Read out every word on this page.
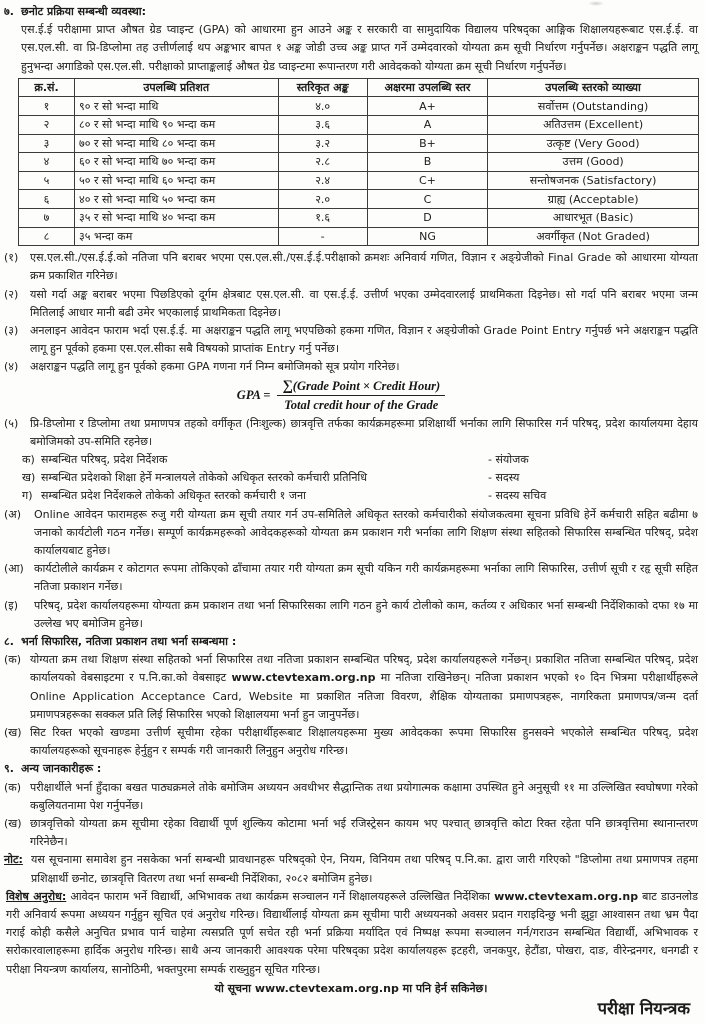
७. छनोट प्रक्रिया सम्बन्धी व्यवस्था:
एस.ई.ई परीक्षामा प्राप्त औषत ग्रेड प्वाइन्ट (GPA) को आधारमा हुन आउने अङ्क र सरकारी वा सामुदायिक विद्यालय परिषद्का आङ्गिक शिक्षालयहरूबाट एस.ई.ई. वा एस.एल.सी. वा प्रि-डिप्लोमा तह उत्तीर्णलाई थप अङ्कभार बापत १ अङ्क जोडी उच्च अङ्क प्राप्त गर्ने उम्मेदवारको योग्यता क्रम सूची निर्धारण गर्नुपर्नेछ। अक्षराङ्कन पद्धति लागू हुनुभन्दा अगाडिको एस.एल.सी. परीक्षाको प्राप्ताङ्कलाई औषत ग्रेड प्वाइन्टमा रूपान्तरण गरी आवेदकको योग्यता क्रम सूची निर्धारण गर्नुपर्नेछ।
क्र.सं.	उपलब्धि प्रतिशत	स्तरिकृत अङ्क	अक्षरमा उपलब्धि स्तर	उपलब्धि स्तरको व्याख्या
१	९० र सो भन्दा माथि	४.०	A+	सर्वोत्तम (Outstanding)
२	८० र सो भन्दा माथि ९० भन्दा कम	३.६	A	अतिउत्तम (Excellent)
३	७० र सो भन्दा माथि ८० भन्दा कम	३.२	B+	उत्कृष्ट (Very Good)
४	६० र सो भन्दा माथि ७० भन्दा कम	२.८	B	उत्तम (Good)
५	५० र सो भन्दा माथि ६० भन्दा कम	२.४	C+	सन्तोषजनक (Satisfactory)
६	४० र सो भन्दा माथि ५० भन्दा कम	२.०	C	ग्राह्य (Acceptable)
७	३५ र सो भन्दा माथि ४० भन्दा कम	१.६	D	आधारभूत (Basic)
८	३५ भन्दा कम	-	NG	अवर्गीकृत (Not Graded)
(१)	एस.एल.सी./एस.ई.ई.को नतिजा पनि बराबर भएमा एस.एल.सी./एस.ई.ई.परीक्षाको क्रमशः अनिवार्य गणित, विज्ञान र अङ्ग्रेजीको Final Grade को आधारमा योग्यता क्रम प्रकाशित गरिनेछ।
(२)	यसो गर्दा अङ्क बराबर भएमा पिछडिएको दूर्गम क्षेत्रबाट एस.एल.सी. वा एस.ई.ई. उत्तीर्ण भएका उम्मेदवारलाई प्राथमिकता दिइनेछ। सो गर्दा पनि बराबर भएमा जन्म मितिलाई आधार मानी बढी उमेर भएकालाई प्राथमिकता दिइनेछ।
(३)	अनलाइन आवेदन फाराम भर्दा एस.ई.ई. मा अक्षराङ्कन पद्धति लागू भएपछिको हकमा गणित, विज्ञान र अङ्ग्रेजीको Grade Point Entry गर्नुपर्छ भने अक्षराङ्कन पद्धति लागू हुन पूर्वको हकमा एस.एल.सीका सबै विषयको प्राप्तांक Entry गर्नु पर्नेछ।
(४)	अक्षराङ्कन पद्धति लागू हुन पूर्वको हकमा GPA गणना गर्न निम्न बमोजिमको सूत्र प्रयोग गरिनेछ।
GPA = $\frac{\text{∑(Grade Point × Credit Hour)}}{\text{Total credit hour of the Grade}}$
(५)	प्रि-डिप्लोमा र डिप्लोमा तथा प्रमाणपत्र तहको वर्गीकृत (निःशुल्क) छात्रवृत्ति तर्फका कार्यक्रमहरूमा प्रशिक्षार्थी भर्नाका लागि सिफारिस गर्न परिषद्, प्रदेश कार्यालयमा देहाय बमोजिमको उप-समिति रहनेछ।
क) सम्बन्धित परिषद्, प्रदेश निर्देशक	- संयोजक
ख) सम्बन्धित प्रदेशको शिक्षा हेर्ने मन्त्रालयले तोकेको अधिकृत स्तरको कर्मचारी प्रतिनिधि	- सदस्य
ग) सम्बन्धित प्रदेश निर्देशकले तोकेको अधिकृत स्तरको कर्मचारी १ जना	- सदस्य सचिव
(अ)	Online आवेदन फारामहरू रुजु गरी योग्यता क्रम सूची तयार गर्न उप-समितिले अधिकृत स्तरको कर्मचारीको संयोजकत्वमा सूचना प्रविधि हेर्ने कर्मचारी सहित बढीमा ७ जनाको कार्यटोली गठन गर्नेछ। सम्पूर्ण कार्यक्रमहरूको आवेदकहरूको योग्यता क्रम प्रकाशन गरी भर्नाका लागि शिक्षण संस्था सहितको सिफारिस सम्बन्धित परिषद्, प्रदेश कार्यालयबाट हुनेछ।
(आ) कार्यटोलीले कार्यक्रम र कोटागत रूपमा तोकिएको ढाँचामा तयार गरी योग्यता क्रम सूची यकिन गरी कार्यक्रमहरूमा भर्नाका लागि सिफारिस, उत्तीर्ण सूची र रहृ सूची सहित नतिजा प्रकाशन गर्नेछ।
(इ)	परिषद्, प्रदेश कार्यालयहरूमा योग्यता क्रम प्रकाशन तथा भर्ना सिफारिसका लागि गठन हुने कार्य टोलीको काम, कर्तव्य र अधिकार भर्ना सम्बन्धी निर्देशिकाको दफा १७ मा उल्लेख भए बमोजिम हुनेछ।
८. भर्ना सिफारिस, नतिजा प्रकाशन तथा भर्ना सम्बन्धमा :
(क) योग्यता क्रम तथा शिक्षण संस्था सहितको भर्ना सिफारिस तथा नतिजा प्रकाशन सम्बन्धित परिषद्, प्रदेश कार्यालयहरूले गर्नेछन्। प्रकाशित नतिजा सम्बन्धित परिषद्, प्रदेश कार्यालयको वेबसाइटमा र प.नि.का.को वेबसाइट www.ctevtexam.org.np मा नतिजा राखिनेछन्। नतिजा प्रकाशन भएको १० दिन भित्रमा परीक्षार्थीहरूले Online Application Acceptance Card, Website मा प्रकाशित नतिजा विवरण, शैक्षिक योग्यताका प्रमाणपत्रहरू, नागरिकता प्रमाणपत्र/जन्म दर्ता प्रमाणपत्रहरूका सक्कल प्रति लिई सिफारिस भएको शिक्षालयमा भर्ना हुन जानुपर्नेछ।
(ख) सिट रिक्त भएको खण्डमा उत्तीर्ण सूचीमा रहेका परीक्षार्थीहरूबाट शिक्षालयहरूमा मुख्य आवेदकका रूपमा सिफारिस हुनसक्ने भएकोले सम्बन्धित परिषद्, प्रदेश कार्यालयहरूको सूचनाहरू हेर्नुहुन र सम्पर्क गरी जानकारी लिनुहुन अनुरोध गरिन्छ।
९. अन्य जानकारीहरू :
(क) परीक्षार्थीले भर्ना हुँदाका बखत पाठ्यक्रमले तोके बमोजिम अध्ययन अवधीभर सैद्धान्तिक तथा प्रयोगात्मक कक्षामा उपस्थित हुने अनुसूची ११ मा उल्लिखित स्वघोषणा गरेको कबुलियतनामा पेश गर्नुपर्नेछ।
(ख) छात्रवृत्तिको योग्यता क्रम सूचीमा रहेका विद्यार्थी पूर्ण शुल्किय कोटामा भर्ना भई रजिस्ट्रेसन कायम भए पश्चात् छात्रवृत्ति कोटा रिक्त रहेता पनि छात्रवृत्तिमा स्थानान्तरण गरिनेछैन।
नोट: यस सूचनामा समावेश हुन नसकेका भर्ना सम्बन्धी प्रावधानहरू परिषद्को ऐन, नियम, विनियम तथा परिषद् प.नि.का. द्वारा जारी गरिएको "डिप्लोमा तथा प्रमाणपत्र तहमा प्रशिक्षार्थी छनोट, छात्रवृत्ति वितरण तथा भर्ना सम्बन्धी निर्देशिका, २०८२ बमोजिम हुनेछ।
विशेष अनुरोध: आवेदन फाराम भर्ने विद्यार्थी, अभिभावक तथा कार्यक्रम सञ्चालन गर्ने शिक्षालयहरूले उल्लिखित निर्देशिका www.ctevtexam.org.np बाट डाउनलोड गरी अनिवार्य रूपमा अध्ययन गर्नुहुन सूचित एवं अनुरोध गरिन्छ। विद्यार्थीलाई योग्यता क्रम सूचीमा पारी अध्ययनको अवसर प्रदान गराइदिन्छु भनी झुट्टा आश्वासन तथा भ्रम पैदा गराई कोही कसैले अनुचित प्रभाव पार्न चाहेमा त्यसप्रति पूर्ण सचेत रही भर्ना प्रक्रिया मर्यादित एवं निष्पक्ष रूपमा सञ्चालन गर्न/गराउन सम्बन्धित विद्यार्थी, अभिभावक र सरोकारवालाहरूमा हार्दिक अनुरोध गरिन्छ। साथै अन्य जानकारी आवश्यक परेमा परिषद्का प्रदेश कार्यालयहरू इटहरी, जनकपुर, हेटौंडा, पोखरा, दाङ, वीरेन्द्रनगर, धनगढी र परीक्षा नियन्त्रण कार्यालय, सानोठिमी, भक्तपुरमा सम्पर्क राख्नुहुन सूचित गरिन्छ।
यो सूचना www.ctevtexam.org.np मा पनि हेर्न सकिनेछ।
परीक्षा नियन्त्रक
